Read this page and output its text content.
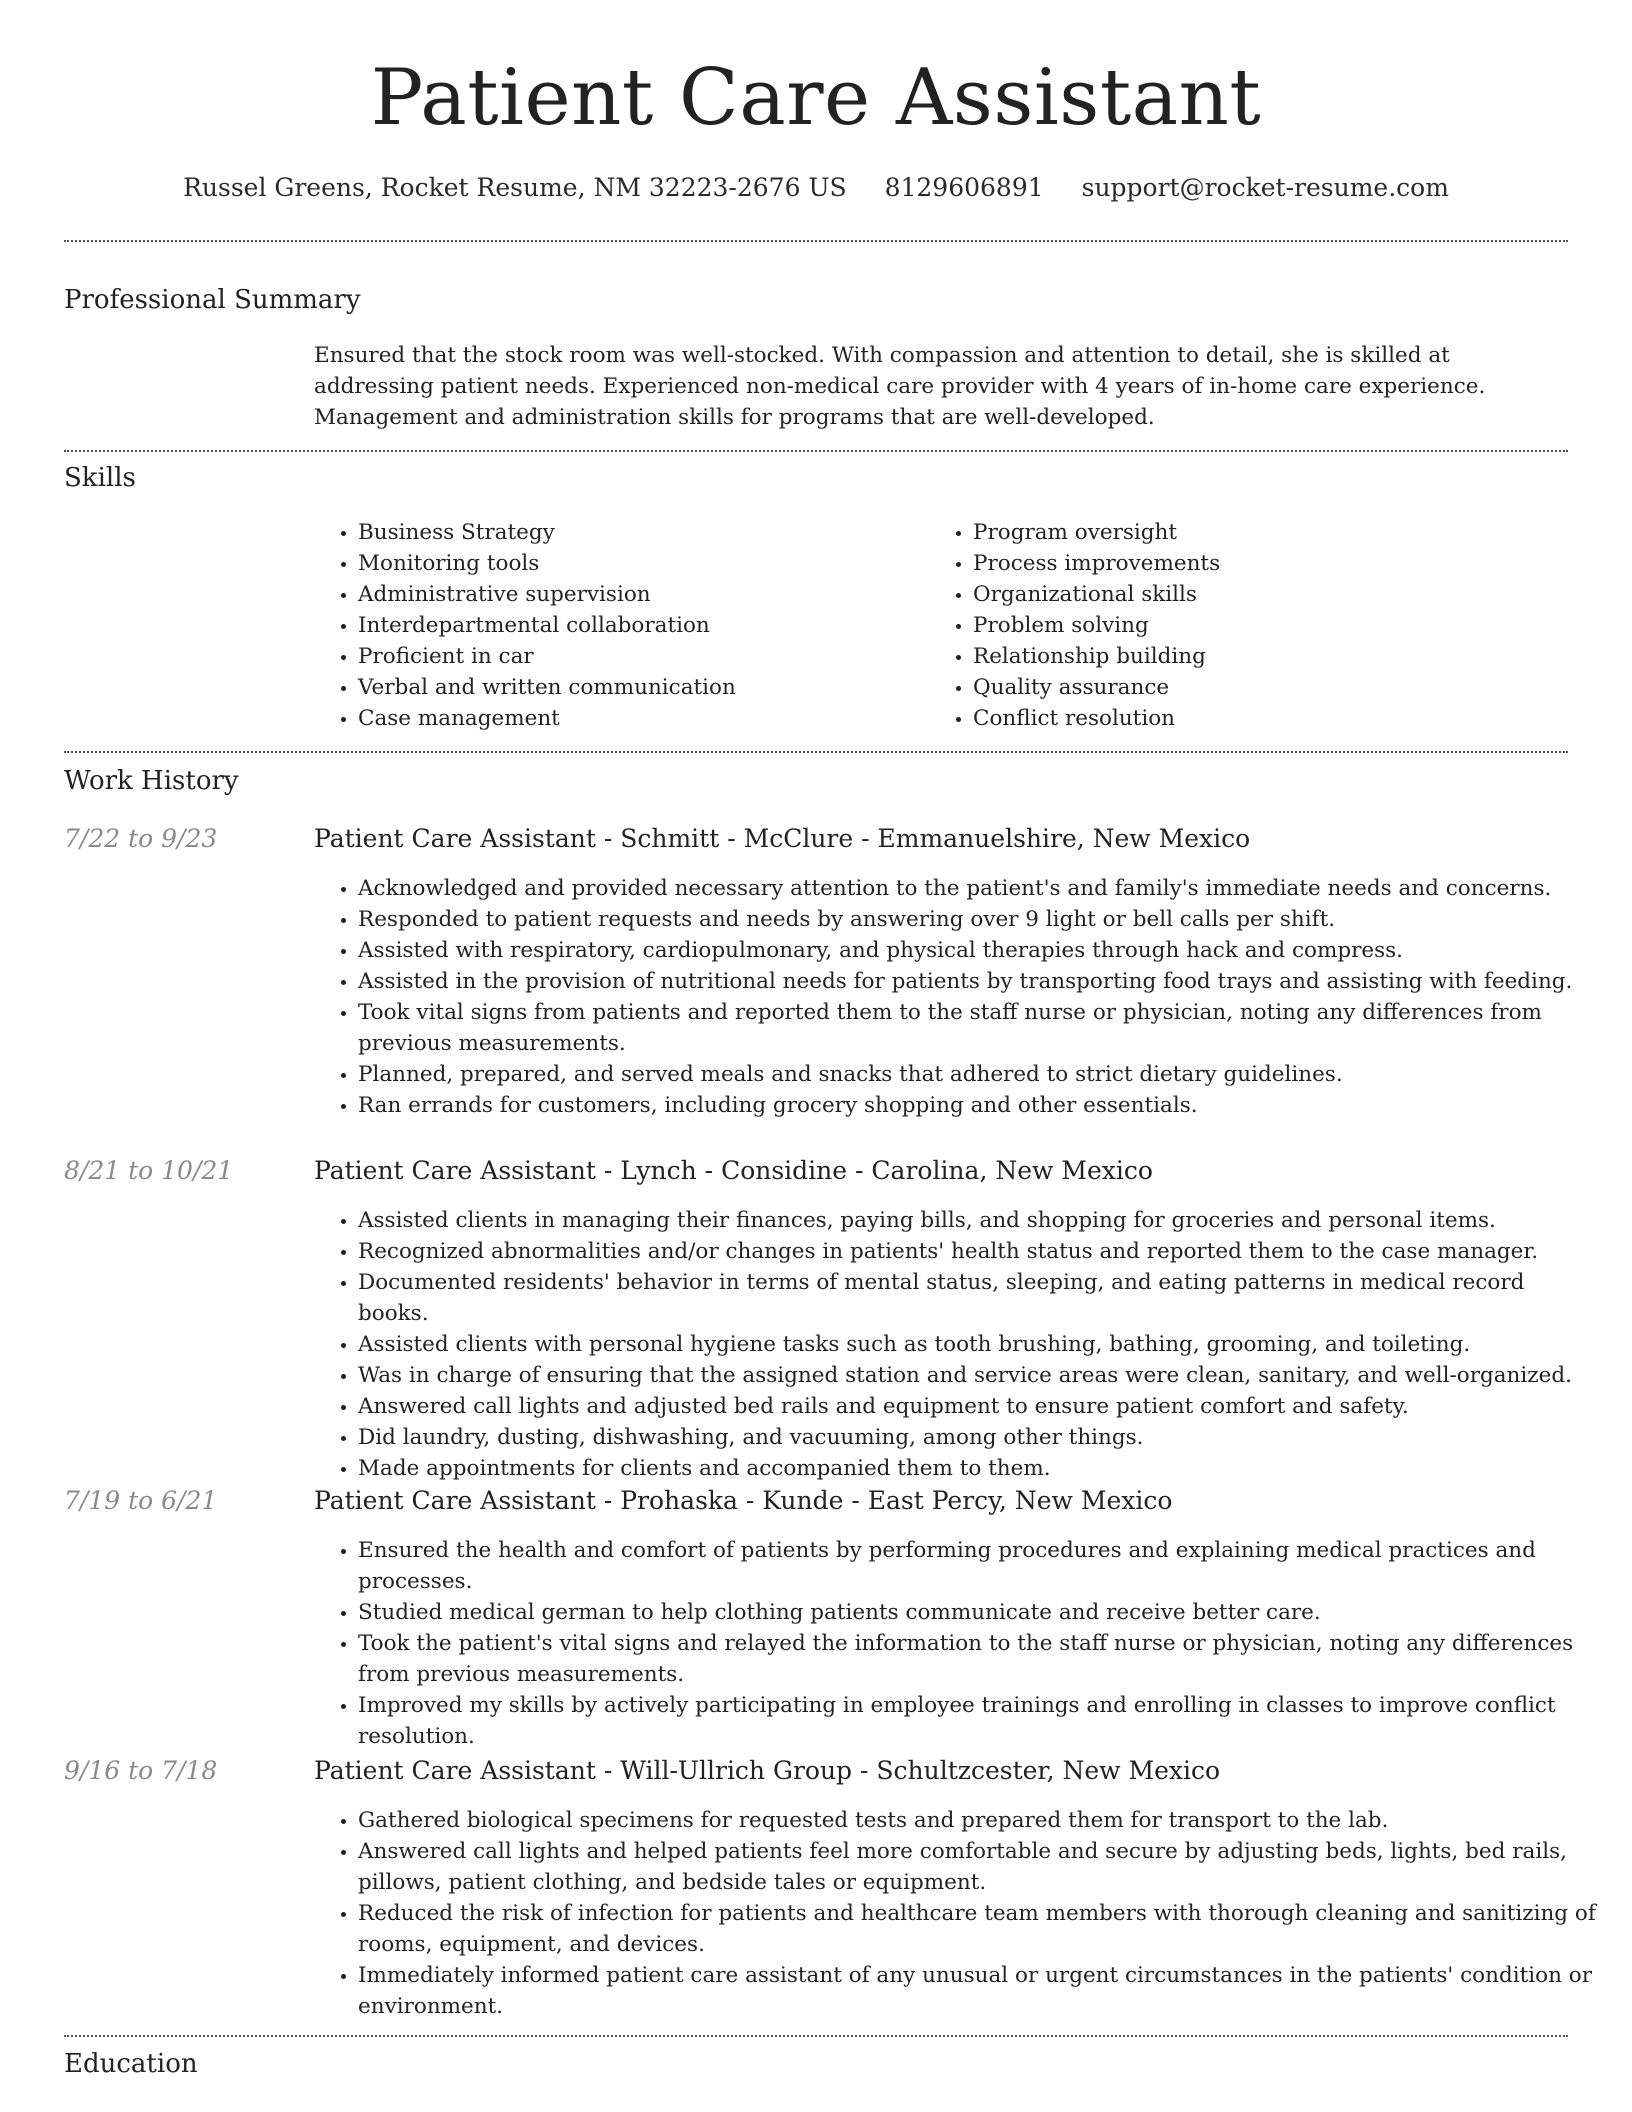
Patient Care Assistant
Russel Greens, Rocket Resume, NM 32223-2676 US 8129606891 support@rocket-resume.com
Professional Summary
Ensured that the stock room was well-stocked. With compassion and attention to detail, she is skilled at addressing patient needs. Experienced non-medical care provider with 4 years of in-home care experience. Management and administration skills for programs that are well-developed.
Skills
• Business Strategy
• Monitoring tools
• Administrative supervision
• Interdepartmental collaboration
• Proficient in car
• Verbal and written communication
• Case management
• Program oversight
• Process improvements
• Organizational skills
• Problem solving
• Relationship building
• Quality assurance
• Conflict resolution
Work History
7/22 to 9/23	Patient Care Assistant - Schmitt - McClure - Emmanuelshire, New Mexico
• Acknowledged and provided necessary attention to the patient's and family's immediate needs and concerns.
• Responded to patient requests and needs by answering over 9 light or bell calls per shift.
• Assisted with respiratory, cardiopulmonary, and physical therapies through hack and compress.
• Assisted in the provision of nutritional needs for patients by transporting food trays and assisting with feeding.
• Took vital signs from patients and reported them to the staff nurse or physician, noting any differences from previous measurements.
• Planned, prepared, and served meals and snacks that adhered to strict dietary guidelines.
• Ran errands for customers, including grocery shopping and other essentials.
8/21 to 10/21	Patient Care Assistant - Lynch - Considine - Carolina, New Mexico
• Assisted clients in managing their finances, paying bills, and shopping for groceries and personal items.
• Recognized abnormalities and/or changes in patients' health status and reported them to the case manager.
• Documented residents' behavior in terms of mental status, sleeping, and eating patterns in medical record books.
• Assisted clients with personal hygiene tasks such as tooth brushing, bathing, grooming, and toileting.
• Was in charge of ensuring that the assigned station and service areas were clean, sanitary, and well-organized.
• Answered call lights and adjusted bed rails and equipment to ensure patient comfort and safety.
• Did laundry, dusting, dishwashing, and vacuuming, among other things.
• Made appointments for clients and accompanied them to them.
7/19 to 6/21	Patient Care Assistant - Prohaska - Kunde - East Percy, New Mexico
• Ensured the health and comfort of patients by performing procedures and explaining medical practices and processes.
• Studied medical german to help clothing patients communicate and receive better care.
• Took the patient's vital signs and relayed the information to the staff nurse or physician, noting any differences from previous measurements.
• Improved my skills by actively participating in employee trainings and enrolling in classes to improve conflict resolution.
9/16 to 7/18	Patient Care Assistant - Will-Ullrich Group - Schultzcester, New Mexico
• Gathered biological specimens for requested tests and prepared them for transport to the lab.
• Answered call lights and helped patients feel more comfortable and secure by adjusting beds, lights, bed rails, pillows, patient clothing, and bedside tales or equipment.
• Reduced the risk of infection for patients and healthcare team members with thorough cleaning and sanitizing of rooms, equipment, and devices.
• Immediately informed patient care assistant of any unusual or urgent circumstances in the patients' condition or environment.
Education
